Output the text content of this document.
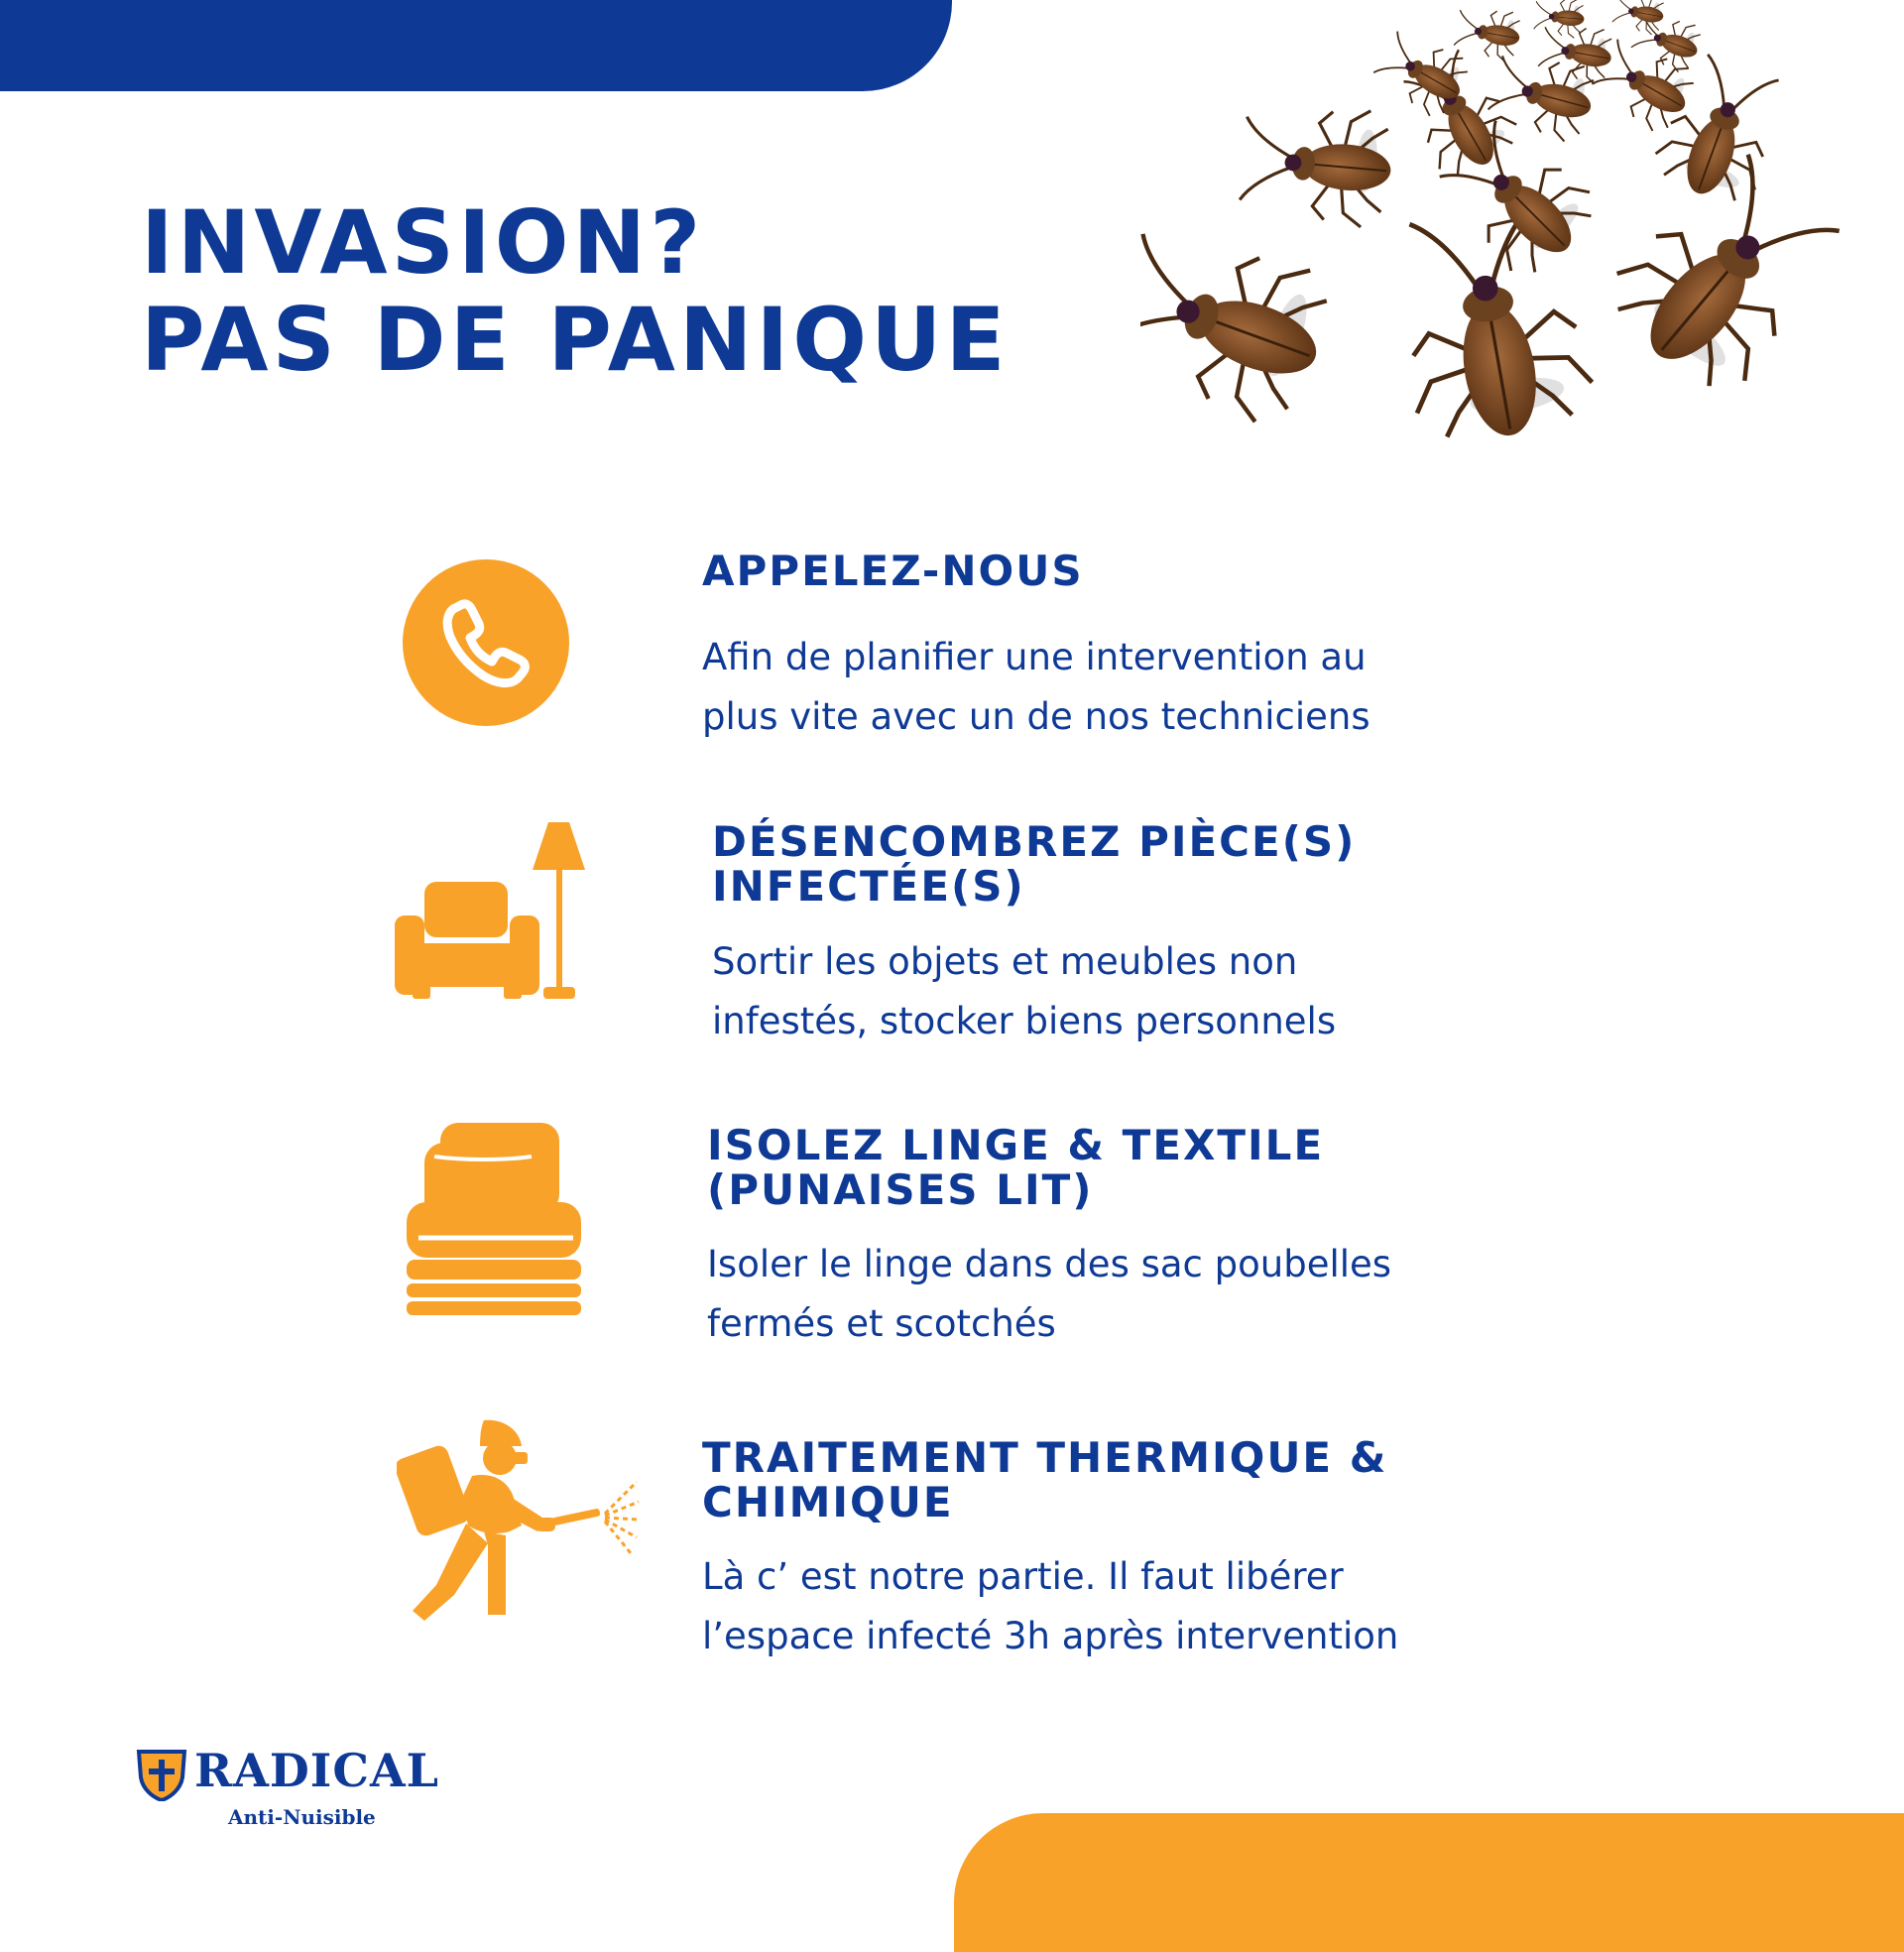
INVASION?
PAS DE PANIQUE
APPELEZ-NOUS

Afin de planifier une intervention au
plus vite avec un de nos techniciens

DÉSENCOMBREZ PIÈCE(S)
INFECTÉE(S)

Sortir les objets et meubles non
infestés, stocker biens personnels

ISOLEZ LINGE & TEXTILE
(PUNAISES LIT)

Isoler le linge dans des sac poubelles
fermés et scotchés

TRAITEMENT THERMIQUE &
CHIMIQUE

Là c’ est notre partie. Il faut libérer
l’espace infecté 3h après intervention

RADICAL
Anti-Nuisible
